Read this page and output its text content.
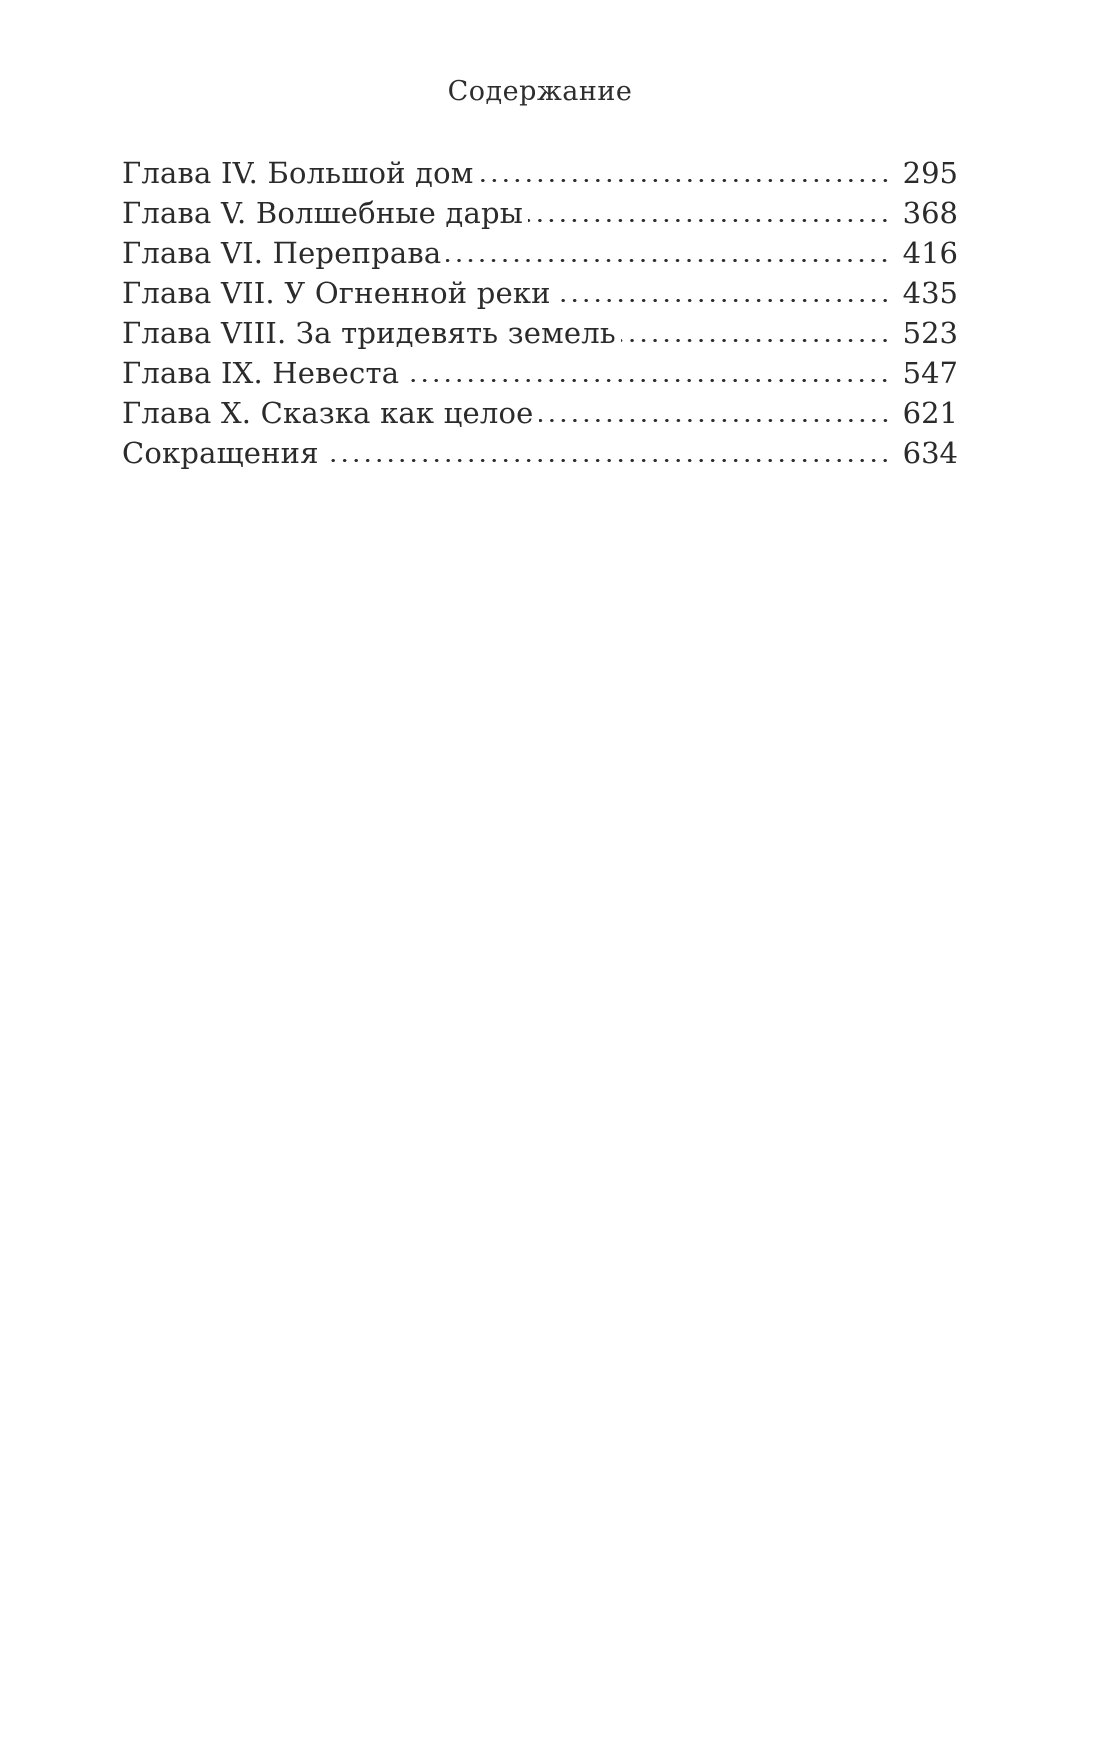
Содержание
Глава IV. Большой дом	295
Глава V. Волшебные дары	368
Глава VI. Переправа	416
Глава VII. У Огненной реки	435
Глава VIII. За тридевять земель	523
Глава IX. Невеста	547
Глава X. Сказка как целое	621
Сокращения	634
